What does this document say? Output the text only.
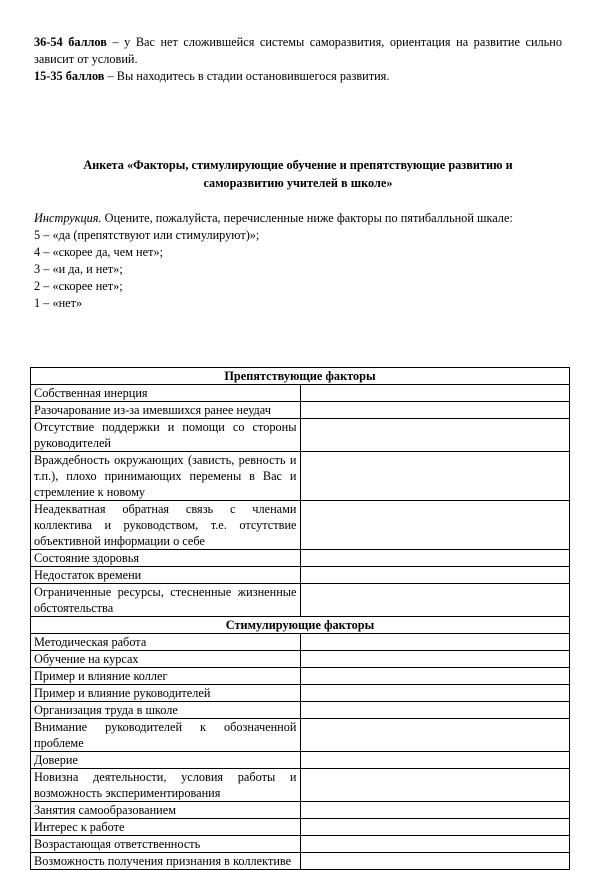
36-54 баллов – у Вас нет сложившейся системы саморазвития, ориентация на развитие сильно зависит от условий.

15-35 баллов – Вы находитесь в стадии остановившегося развития.

Анкета «Факторы, стимулирующие обучение и препятствующие развитию и
саморазвитию учителей в школе»

Инструкция. Оцените, пожалуйста, перечисленные ниже факторы по пятибалльной шкале:

5 – «да (препятствуют или стимулируют)»;

4 – «скорее да, чем нет»;

3 – «и да, и нет»;

2 – «скорее нет»;

1 – «нет»

Препятствующие факторы	
Собственная инерция	
Разочарование из-за имевшихся ранее неудач	
Отсутствие поддержки и помощи со стороны руководителей	
Враждебность окружающих (зависть, ревность и т.п.), плохо принимающих перемены в Вас и стремление к новому	
Неадекватная обратная связь с членами коллектива и руководством, т.е. отсутствие объективной информации о себе	
Состояние здоровья	
Недостаток времени	
Ограниченные ресурсы, стесненные жизненные обстоятельства	
Стимулирующие факторы	
Методическая работа	
Обучение на курсах	
Пример и влияние коллег	
Пример и влияние руководителей	
Организация труда в школе	
Внимание руководителей к обозначенной проблеме	
Доверие	
Новизна деятельности, условия работы и возможность экспериментирования	
Занятия самообразованием	
Интерес к работе	
Возрастающая ответственность	
Возможность получения признания в коллективе	
